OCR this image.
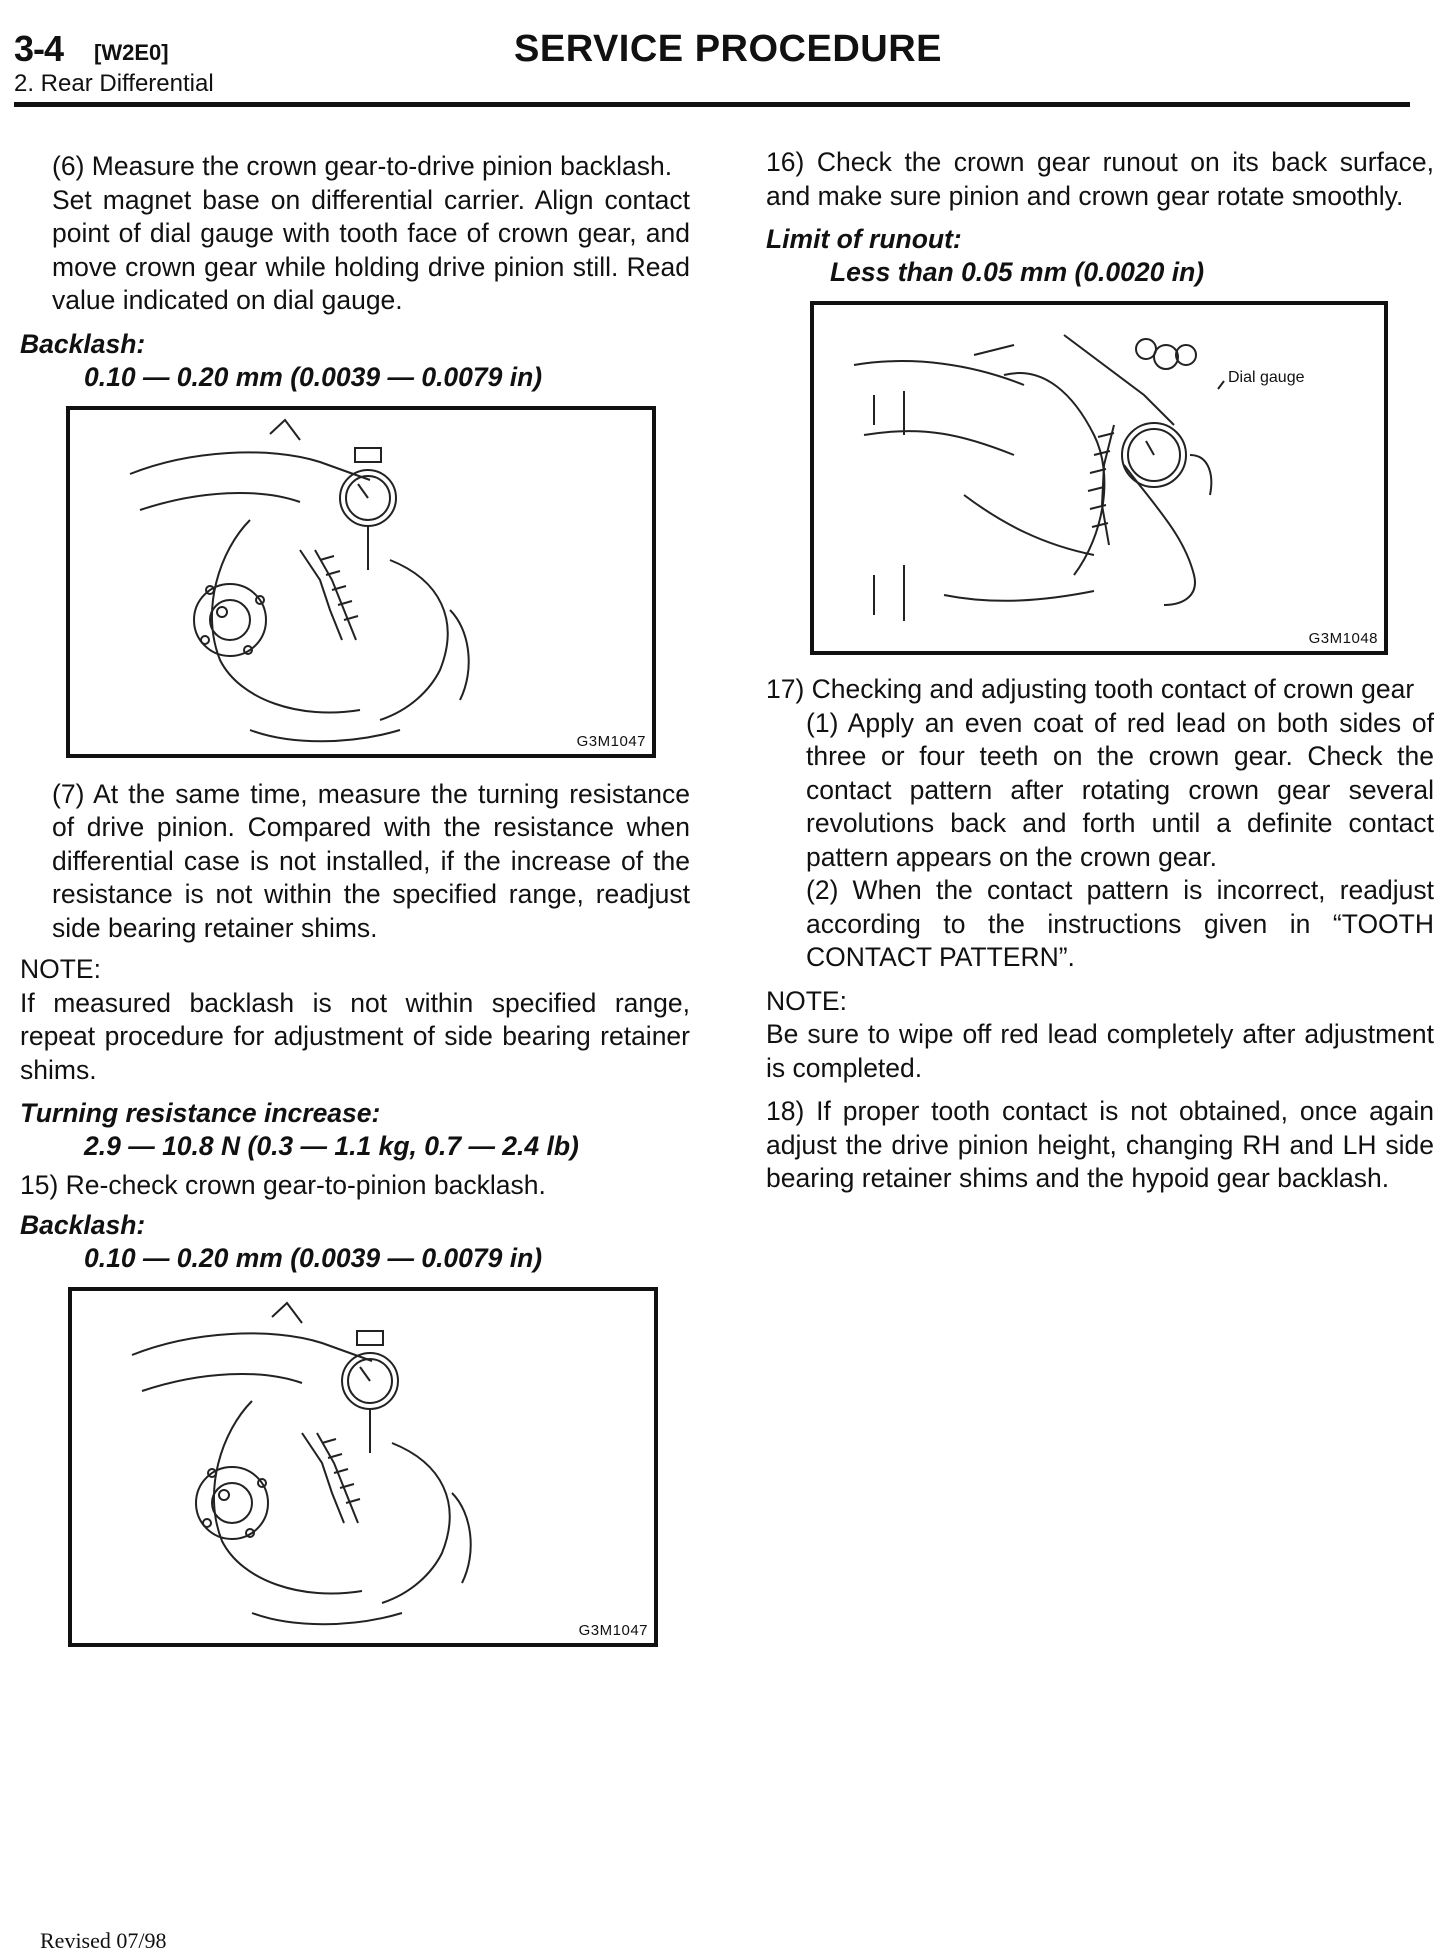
3-4 [W2E0]
2. Rear Differential
SERVICE PROCEDURE

(6) Measure the crown gear-to-drive pinion backlash.

Set magnet base on differential carrier. Align contact point of dial gauge with tooth face of crown gear, and move crown gear while holding drive pinion still. Read value indicated on dial gauge.

Backlash:

0.10 — 0.20 mm (0.0039 — 0.0079 in)

G3M1047

(7) At the same time, measure the turning resistance of drive pinion. Compared with the resistance when differential case is not installed, if the increase of the resistance is not within the specified range, readjust side bearing retainer shims.

NOTE:

If measured backlash is not within specified range, repeat procedure for adjustment of side bearing retainer shims.

Turning resistance increase:

2.9 — 10.8 N (0.3 — 1.1 kg, 0.7 — 2.4 lb)

15) Re-check crown gear-to-pinion backlash.

Backlash:

0.10 — 0.20 mm (0.0039 — 0.0079 in)

G3M1047

16) Check the crown gear runout on its back surface, and make sure pinion and crown gear rotate smoothly.

Limit of runout:

Less than 0.05 mm (0.0020 in)

Dial gauge
G3M1048

17) Checking and adjusting tooth contact of crown gear

(1) Apply an even coat of red lead on both sides of three or four teeth on the crown gear. Check the contact pattern after rotating crown gear several revolutions back and forth until a definite contact pattern appears on the crown gear.

(2) When the contact pattern is incorrect, readjust according to the instructions given in “TOOTH CONTACT PATTERN”.

NOTE:

Be sure to wipe off red lead completely after adjustment is completed.

18) If proper tooth contact is not obtained, once again adjust the drive pinion height, changing RH and LH side bearing retainer shims and the hypoid gear backlash.

Revised 07/98
